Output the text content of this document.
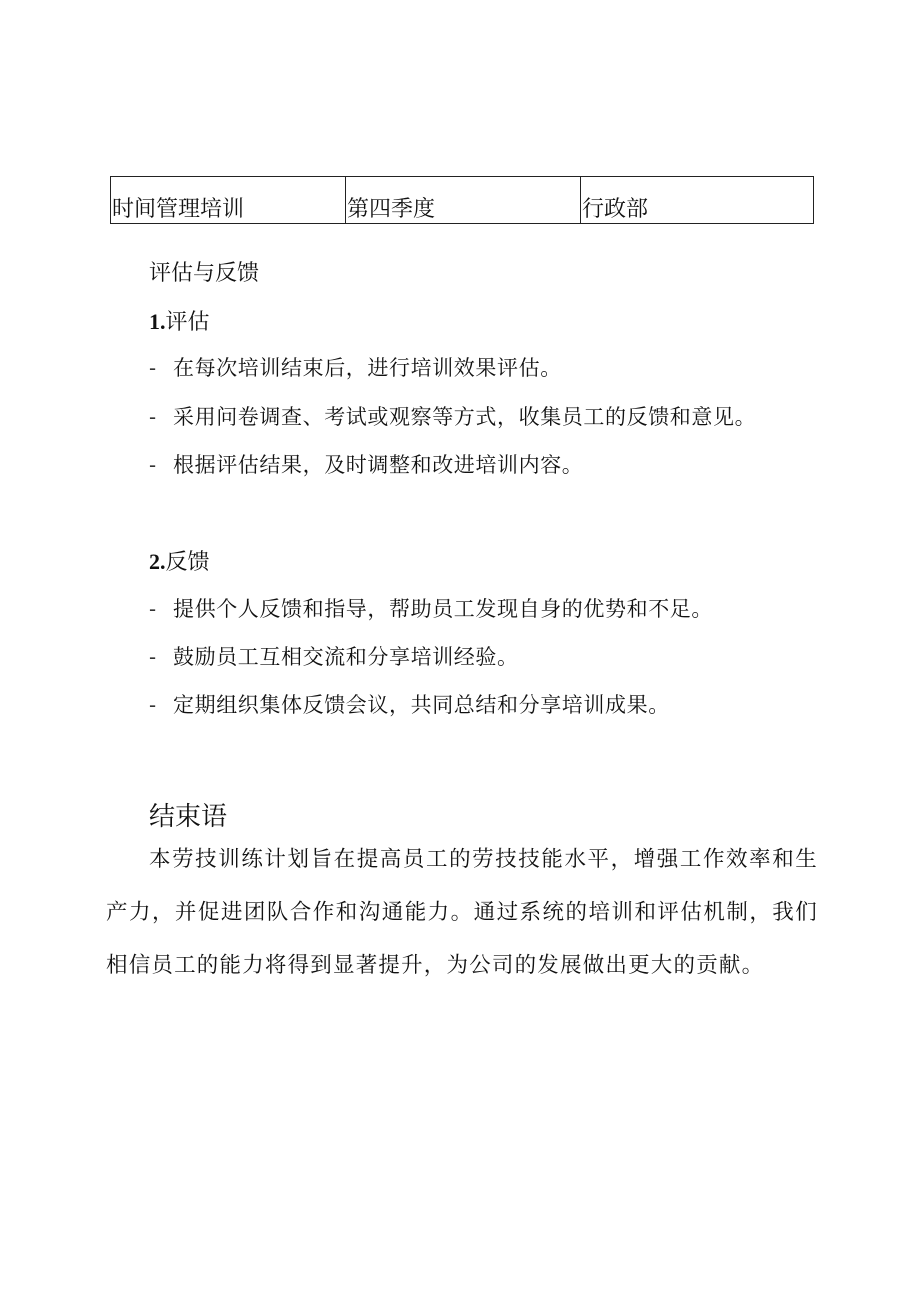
时间管理培训	第四季度	行政部
评估与反馈
1.评估
- 在每次培训结束后，进行培训效果评估。
- 采用问卷调查、考试或观察等方式，收集员工的反馈和意见。
- 根据评估结果，及时调整和改进培训内容。
2.反馈
- 提供个人反馈和指导，帮助员工发现自身的优势和不足。
- 鼓励员工互相交流和分享培训经验。
- 定期组织集体反馈会议，共同总结和分享培训成果。
结束语
本劳技训练计划旨在提高员工的劳技技能水平，增强工作效率和生产力，并促进团队合作和沟通能力。通过系统的培训和评估机制，我们相信员工的能力将得到显著提升，为公司的发展做出更大的贡献。
